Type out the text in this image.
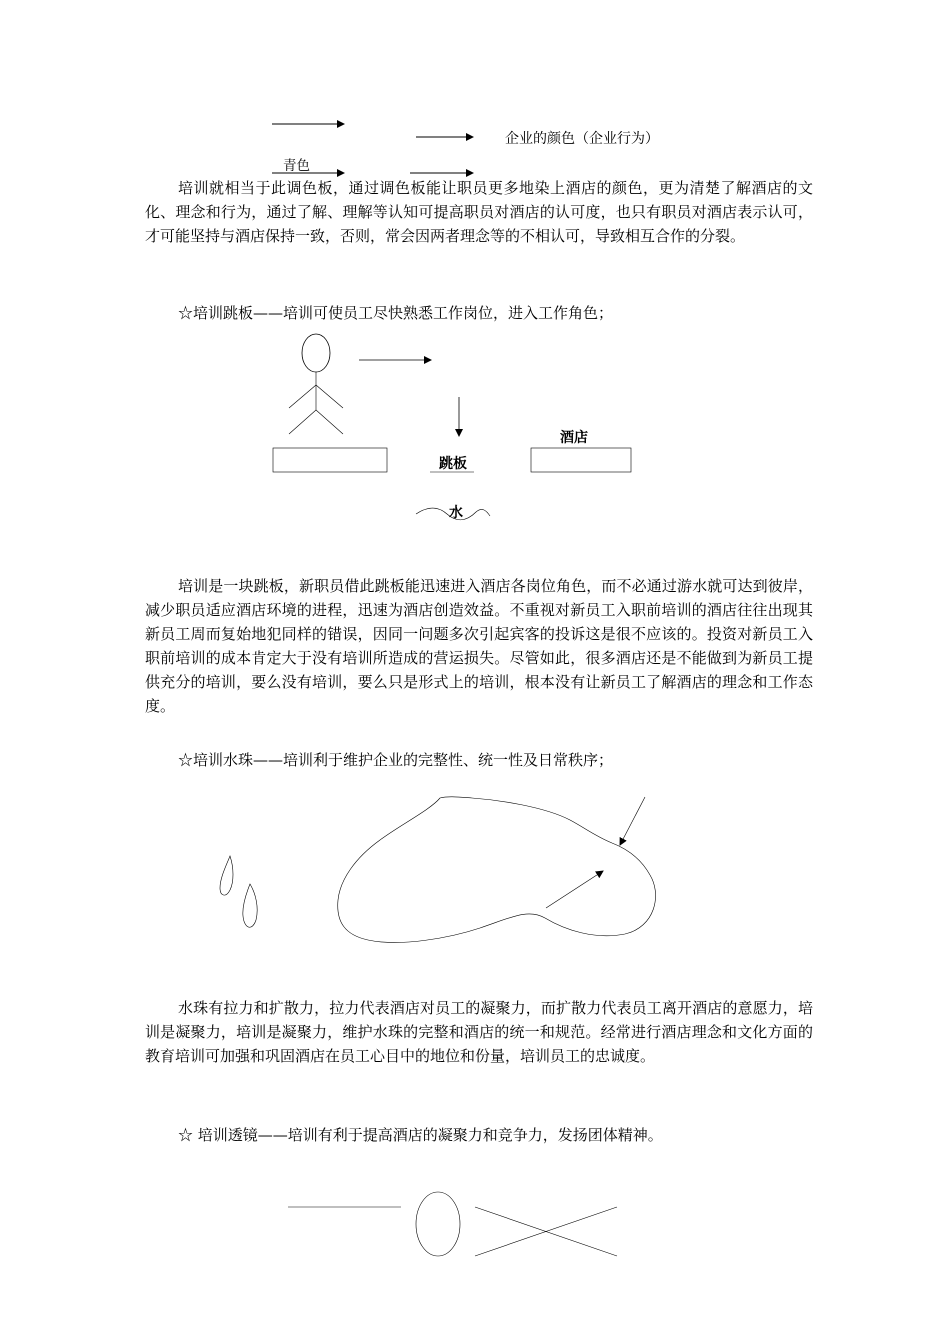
企业的颜色（企业行为）
青色

培训就相当于此调色板，通过调色板能让职员更多地染上酒店的颜色，更为清楚了解酒店的文化、理念和行为，通过了解、理解等认知可提高职员对酒店的认可度，也只有职员对酒店表示认可，才可能坚持与酒店保持一致，否则，常会因两者理念等的不相认可，导致相互合作的分裂。

☆培训跳板——培训可使员工尽快熟悉工作岗位，进入工作角色；
酒店
跳板
水

培训是一块跳板，新职员借此跳板能迅速进入酒店各岗位角色，而不必通过游水就可达到彼岸，减少职员适应酒店环境的进程，迅速为酒店创造效益。不重视对新员工入职前培训的酒店往往出现其新员工周而复始地犯同样的错误，因同一问题多次引起宾客的投诉这是很不应该的。投资对新员工入职前培训的成本肯定大于没有培训所造成的营运损失。尽管如此，很多酒店还是不能做到为新员工提供充分的培训，要么没有培训，要么只是形式上的培训，根本没有让新员工了解酒店的理念和工作态度。

☆培训水珠——培训利于维护企业的完整性、统一性及日常秩序；

水珠有拉力和扩散力，拉力代表酒店对员工的凝聚力，而扩散力代表员工离开酒店的意愿力，培训是凝聚力，培训是凝聚力，维护水珠的完整和酒店的统一和规范。经常进行酒店理念和文化方面的教育培训可加强和巩固酒店在员工心目中的地位和份量，培训员工的忠诚度。

☆ 培训透镜——培训有利于提高酒店的凝聚力和竞争力，发扬团体精神。
